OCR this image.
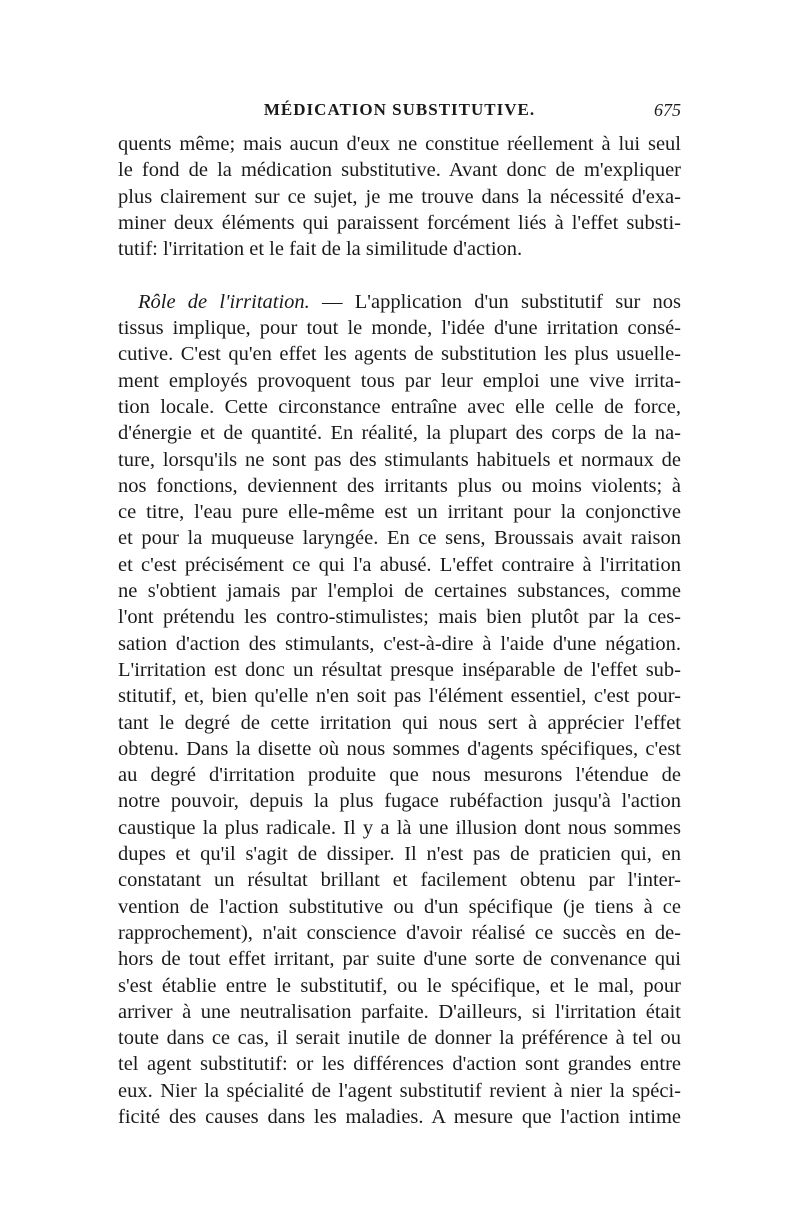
MÉDICATION SUBSTITUTIVE.	675
quents même; mais aucun d'eux ne constitue réellement à lui seul
le fond de la médication substitutive. Avant donc de m'expliquer
plus clairement sur ce sujet, je me trouve dans la nécessité d'exa-
miner deux éléments qui paraissent forcément liés à l'effet substi-
tutif: l'irritation et le fait de la similitude d'action.
Rôle de l'irritation. — L'application d'un substitutif sur nos
tissus implique, pour tout le monde, l'idée d'une irritation consé-
cutive. C'est qu'en effet les agents de substitution les plus usuelle-
ment employés provoquent tous par leur emploi une vive irrita-
tion locale. Cette circonstance entraîne avec elle celle de force,
d'énergie et de quantité. En réalité, la plupart des corps de la na-
ture, lorsqu'ils ne sont pas des stimulants habituels et normaux de
nos fonctions, deviennent des irritants plus ou moins violents; à
ce titre, l'eau pure elle-même est un irritant pour la conjonctive
et pour la muqueuse laryngée. En ce sens, Broussais avait raison
et c'est précisément ce qui l'a abusé. L'effet contraire à l'irritation
ne s'obtient jamais par l'emploi de certaines substances, comme
l'ont prétendu les contro-stimulistes; mais bien plutôt par la ces-
sation d'action des stimulants, c'est-à-dire à l'aide d'une négation.
L'irritation est donc un résultat presque inséparable de l'effet sub-
stitutif, et, bien qu'elle n'en soit pas l'élément essentiel, c'est pour-
tant le degré de cette irritation qui nous sert à apprécier l'effet
obtenu. Dans la disette où nous sommes d'agents spécifiques, c'est
au degré d'irritation produite que nous mesurons l'étendue de
notre pouvoir, depuis la plus fugace rubéfaction jusqu'à l'action
caustique la plus radicale. Il y a là une illusion dont nous sommes
dupes et qu'il s'agit de dissiper. Il n'est pas de praticien qui, en
constatant un résultat brillant et facilement obtenu par l'inter-
vention de l'action substitutive ou d'un spécifique (je tiens à ce
rapprochement), n'ait conscience d'avoir réalisé ce succès en de-
hors de tout effet irritant, par suite d'une sorte de convenance qui
s'est établie entre le substitutif, ou le spécifique, et le mal, pour
arriver à une neutralisation parfaite. D'ailleurs, si l'irritation était
toute dans ce cas, il serait inutile de donner la préférence à tel ou
tel agent substitutif: or les différences d'action sont grandes entre
eux. Nier la spécialité de l'agent substitutif revient à nier la spéci-
ficité des causes dans les maladies. A mesure que l'action intime
